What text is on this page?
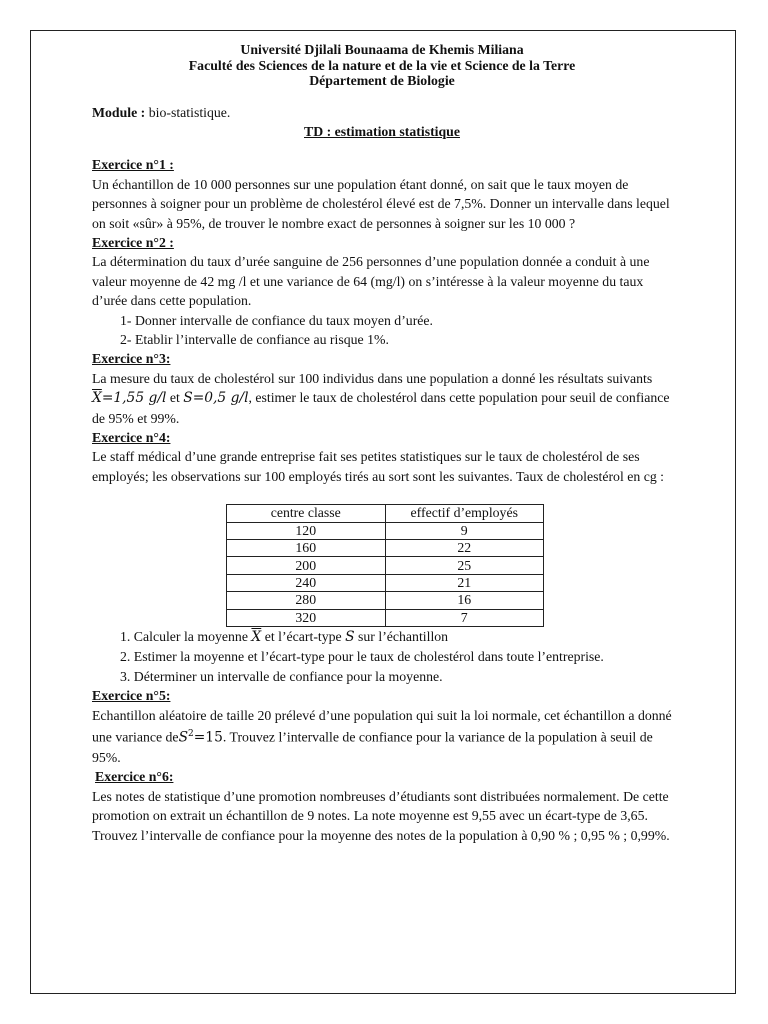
Université Djilali Bounaama de Khemis Miliana
Faculté des Sciences de la nature et de la vie et Science de la Terre
Département de Biologie
Module : bio-statistique.
TD : estimation statistique
Exercice n°1 :

Un échantillon de 10 000 personnes sur une population étant donné, on sait que le taux moyen de personnes à soigner pour un problème de cholestérol élevé est de 7,5%. Donner un intervalle dans lequel on soit «sûr» à 95%, de trouver le nombre exact de personnes à soigner sur les 10 000 ?

Exercice n°2 :

La détermination du taux d’urée sanguine de 256 personnes d’une population donnée a conduit à une valeur moyenne de 42 mg /l et une variance de 64 (mg/l) on s’intéresse à la valeur moyenne du taux d’urée dans cette population.

1- Donner intervalle de confiance du taux moyen d’urée.
2- Etablir l’intervalle de confiance au risque 1%.
Exercice n°3:

La mesure du taux de cholestérol sur 100 individus dans une population a donné les résultats suivants $\overline{X}=1,55$ g/l et S=0,5 g/l, estimer le taux de cholestérol dans cette population pour seuil de confiance de 95% et 99%.

Exercice n°4:

Le staff médical d’une grande entreprise fait ses petites statistiques sur le taux de cholestérol de ses employés; les observations sur 100 employés tirés au sort sont les suivantes. Taux de cholestérol en cg :

centre classe	effectif d’employés
120	9
160	22
200	25
240	21
280	16
320	7
1. Calculer la moyenne $\overline{X}$ et l’écart-type S sur l’échantillon
2. Estimer la moyenne et l’écart-type pour le taux de cholestérol dans toute l’entreprise.
3. Déterminer un intervalle de confiance pour la moyenne.
Exercice n°5:

Echantillon aléatoire de taille 20 prélevé d’une population qui suit la loi normale, cet échantillon a donné une variance deS$^2$=15. Trouvez l’intervalle de confiance pour la variance de la population à seuil de 95%.

Exercice n°6:

Les notes de statistique d’une promotion nombreuses d’étudiants sont distribuées normalement. De cette promotion on extrait un échantillon de 9 notes. La note moyenne est 9,55 avec un écart-type de 3,65. Trouvez l’intervalle de confiance pour la moyenne des notes de la population à 0,90 % ; 0,95 % ; 0,99%.
